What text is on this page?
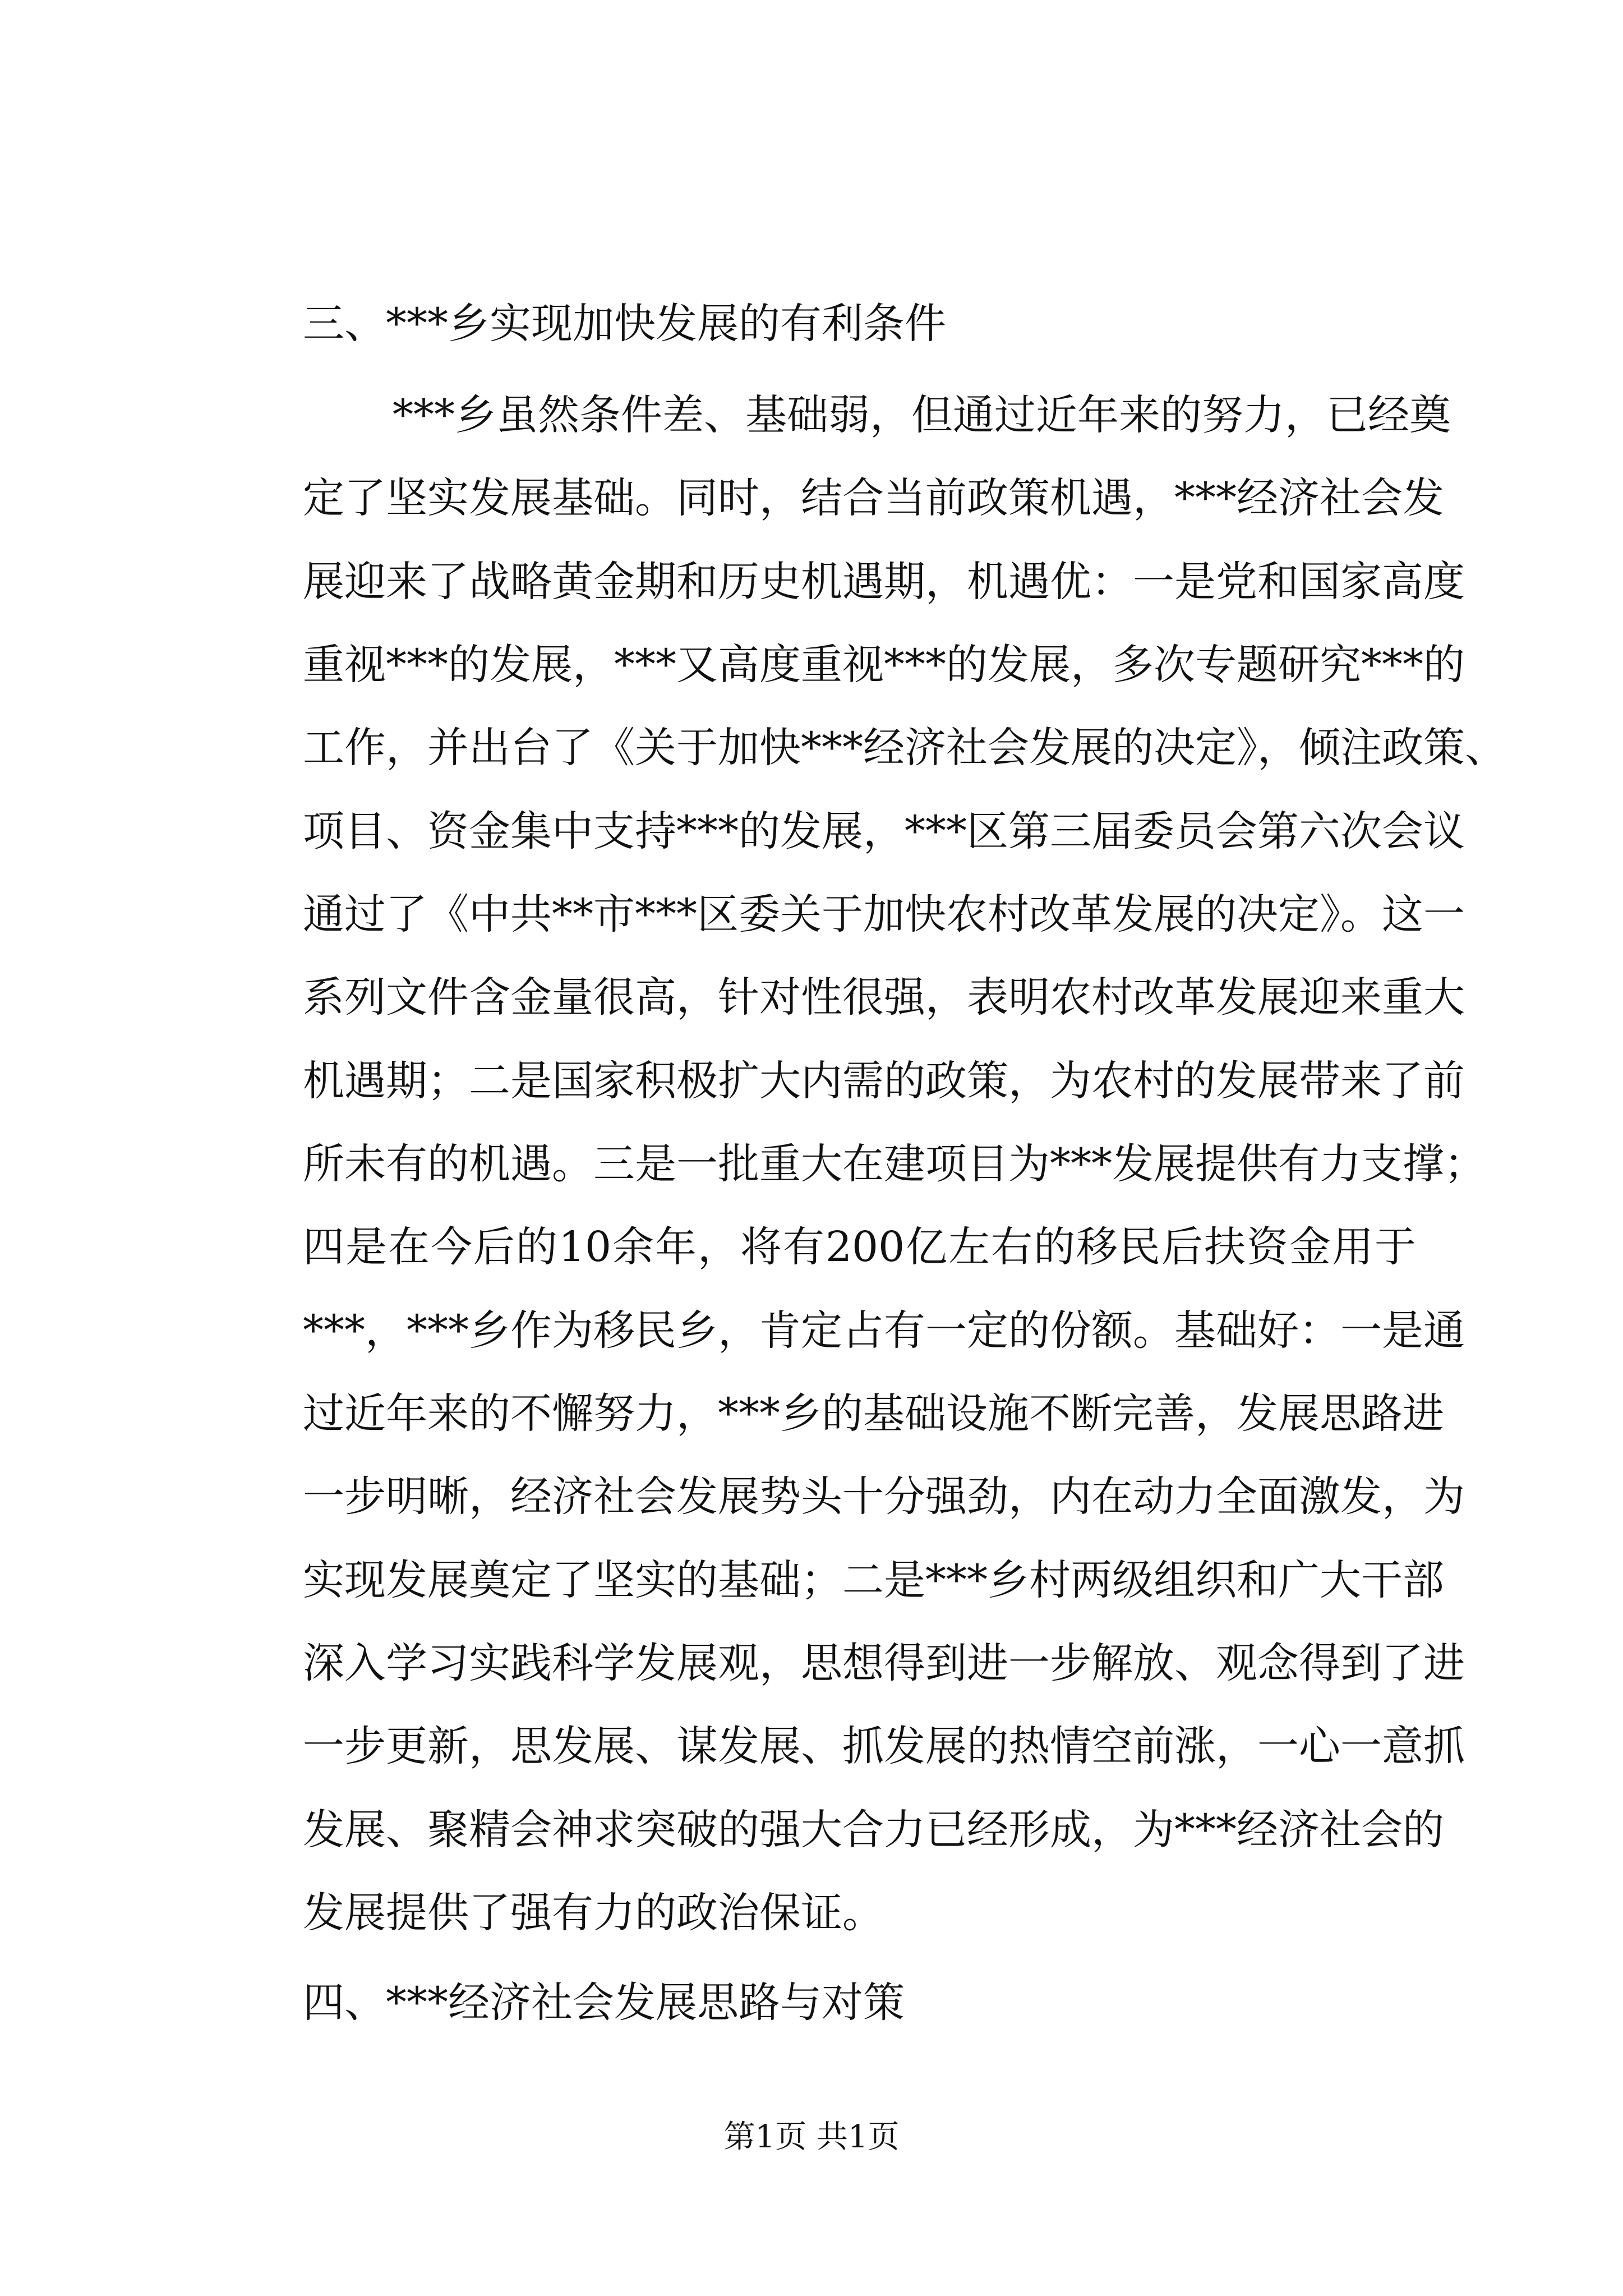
三、***乡实现加快发展的有利条件

***乡虽然条件差、基础弱，但通过近年来的努力，已经奠

定了坚实发展基础。同时，结合当前政策机遇，***经济社会发

展迎来了战略黄金期和历史机遇期，机遇优：一是党和国家高度

重视***的发展，***又高度重视***的发展，多次专题研究***的

工作，并出台了《关于加快***经济社会发展的决定》，倾注政策、

项目、资金集中支持***的发展，***区第三届委员会第六次会议

通过了《中共**市***区委关于加快农村改革发展的决定》。这一

系列文件含金量很高，针对性很强，表明农村改革发展迎来重大

机遇期；二是国家积极扩大内需的政策，为农村的发展带来了前

所未有的机遇。三是一批重大在建项目为***发展提供有力支撑；

四是在今后的10余年，将有200亿左右的移民后扶资金用于

***，***乡作为移民乡，肯定占有一定的份额。基础好：一是通

过近年来的不懈努力，***乡的基础设施不断完善，发展思路进

一步明晰，经济社会发展势头十分强劲，内在动力全面激发，为

实现发展奠定了坚实的基础；二是***乡村两级组织和广大干部

深入学习实践科学发展观，思想得到进一步解放、观念得到了进

一步更新，思发展、谋发展、抓发展的热情空前涨，一心一意抓

发展、聚精会神求突破的强大合力已经形成，为***经济社会的

发展提供了强有力的政治保证。

四、***经济社会发展思路与对策

第1页 共1页
